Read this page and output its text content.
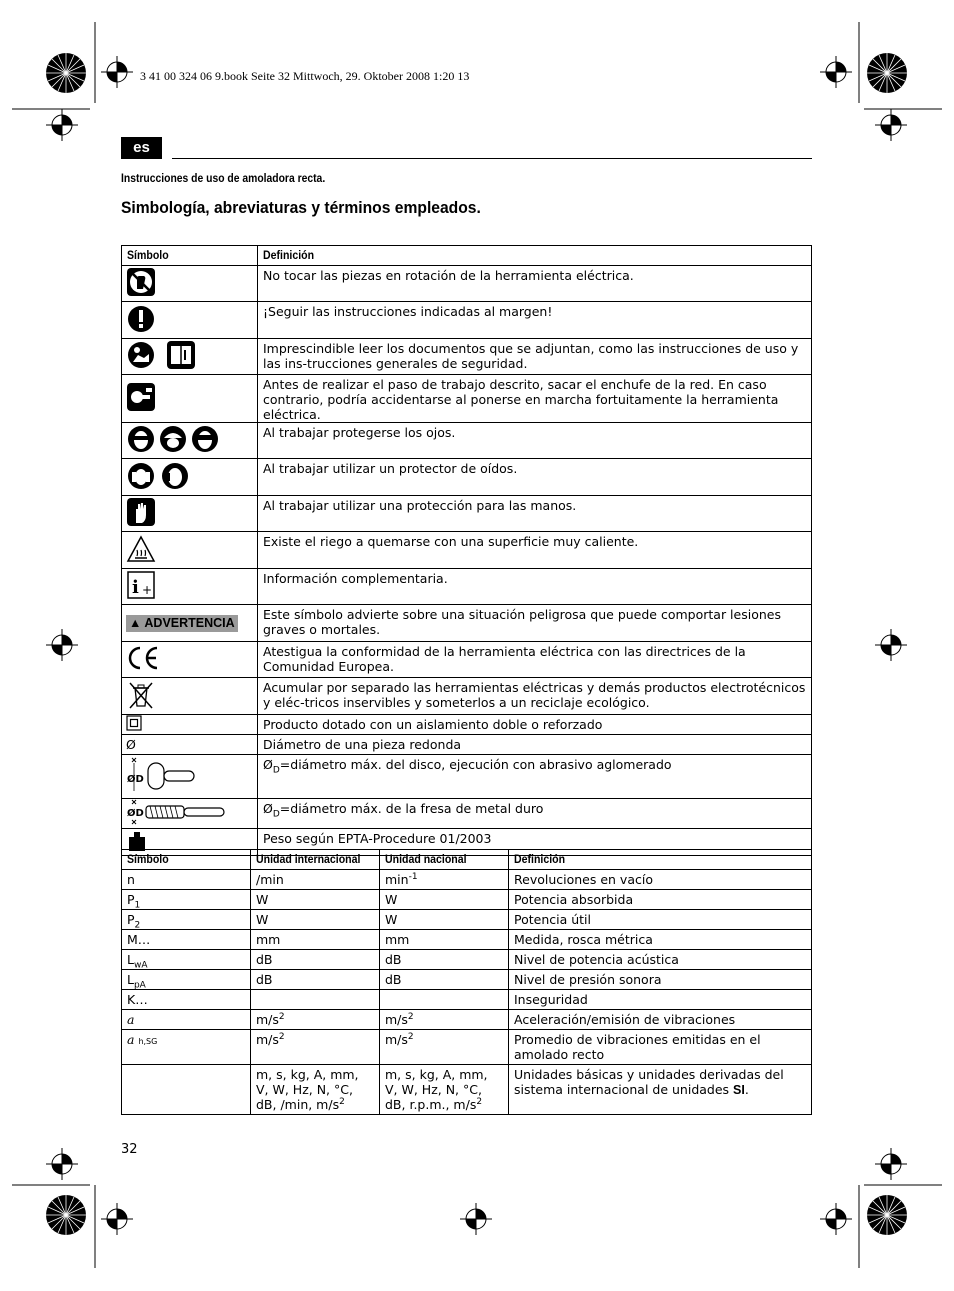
3 41 00 324 06 9.book Seite 32 Mittwoch, 29. Oktober 2008 1:20 13
es
Instrucciones de uso de amoladora recta.
Simbología, abreviaturas y términos empleados.
Símbolo	Definición
	No tocar las piezas en rotación de la herramienta eléctrica.
	¡Seguir las instrucciones indicadas al margen!
	Imprescindible leer los documentos que se adjuntan, como las instrucciones de uso y las ins-trucciones generales de seguridad.
	Antes de realizar el paso de trabajo descrito, sacar el enchufe de la red. En caso contrario, podría accidentarse al ponerse en marcha fortuitamente la herramienta eléctrica.
	Al trabajar protegerse los ojos.
	Al trabajar utilizar un protector de oídos.
	Al trabajar utilizar una protección para las manos.
	Existe el riego a quemarse con una superficie muy caliente.

i +	Información complementaria.
▲ ADVERTENCIA	Este símbolo advierte sobre una situación peligrosa que puede comportar lesiones graves o mortales.
	Atestigua la conformidad de la herramienta eléctrica con las directrices de la Comunidad Europea.
	Acumular por separado las herramientas eléctricas y demás productos electrotécnicos y eléc-tricos inservibles y someterlos a un reciclaje ecológico.
	Producto dotado con un aislamiento doble o reforzado
Ø	Diámetro de una pieza redonda

ØD	$Ø_D=diámetro$ máx. del disco, ejecución con abrasivo aglomerado

ØD	$Ø_D=diámetro$ máx. de la fresa de metal duro
	Peso según EPTA-Procedure 01/2003
Símbolo	Unidad internacional	Unidad nacional	Definición
n	/min	$\min^{-1}$	Revoluciones en vacío
$P_1$	W	W	Potencia absorbida
$P_2$	W	W	Potencia útil
M…	mm	mm	Medida, rosca métrica
$L_{wA}$	dB	dB	Nivel de potencia acústica
$L_{pA}$	dB	dB	Nivel de presión sonora
K…			Inseguridad
a	$m/s^2$	$m/s^2$	Aceleración/emisión de vibraciones
a h,SG	$m/s^2$	$m/s^2$	Promedio de vibraciones emitidas en el amolado recto
	m, s, kg, A, mm, V, W, Hz, N, °C, dB, /min, $m/s^2$	m, s, kg, A, mm, V, W, Hz, N, °C, dB, r.p.m., $m/s^2$	Unidades básicas y unidades derivadas del sistema internacional de unidades SI.
32
